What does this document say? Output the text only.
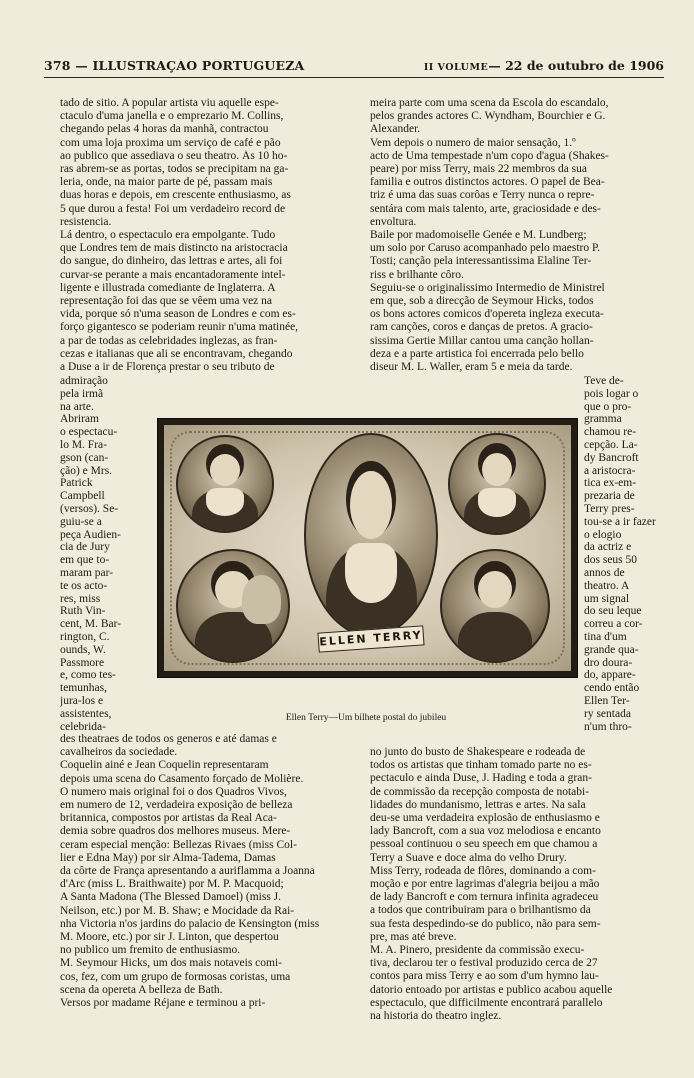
378 — ILLUSTRAÇAO PORTUGUEZA	II VOLUME— 22 de outubro de 1906
tado de sitio. A popular artista viu aquelle espe-
ctaculo d'uma janella e o emprezario M. Collins,
chegando pelas 4 horas da manhã, contractou
com uma loja proxima um serviço de café e pão
ao publico que assediava o seu theatro. Ás 10 ho-
ras abrem-se as portas, todos se precipitam na ga-
leria, onde, na maior parte de pé, passam mais
duas horas e depois, em crescente enthusiasmo, as
5 que durou a festa! Foi um verdadeiro record de
resistencia.
Lá dentro, o espectaculo era empolgante. Tudo
que Londres tem de mais distincto na aristocracia
do sangue, do dinheiro, das lettras e artes, ali foi
curvar-se perante a mais encantadoramente intel-
ligente e illustrada comediante de Inglaterra. A
representação foi das que se vêem uma vez na
vida, porque só n'uma season de Londres e com es-
forço gigantesco se poderiam reunir n'uma matinée,
a par de todas as celebridades inglezas, as fran-
cezas e italianas que ali se encontravam, chegando
a Duse a ir de Florença prestar o seu tributo de
admiração
pela irmã
na arte.
Abriram
o espectacu-
lo M. Fra-
gson (can-
ção) e Mrs.
Patrick
Campbell
(versos). Se-
guiu-se a
peça Audien-
cia de Jury
em que to-
maram par-
te os acto-
res, miss
Ruth Vin-
cent, M. Bar-
rington, C.
ounds, W.
Passmore
e, como tes-
temunhas,
jura-los e
assistentes,
celebrida-
des theatraes de todos os generos e até damas e
cavalheiros da sociedade.
Coquelin ainé e Jean Coquelin representaram
depois uma scena do Casamento forçado de Molière.
O numero mais original foi o dos Quadros Vivos,
em numero de 12, verdadeira exposição de belleza
britannica, compostos por artistas da Real Aca-
demia sobre quadros dos melhores museus. Mere-
ceram especial menção: Bellezas Rivaes (miss Col-
lier e Edna May) por sir Alma-Tadema, Damas
da côrte de França apresentando a auriflamma a Joanna
d'Arc (miss L. Braithwaite) por M. P. Macquoid;
A Santa Madona (The Blessed Damoel) (miss J.
Neilson, etc.) por M. B. Shaw; e Mocidade da Rai-
nha Victoria n'os jardins do palacio de Kensington (miss
M. Moore, etc.) por sir J. Linton, que despertou
no publico um fremito de enthusiasmo.
M. Seymour Hicks, um dos mais notaveis comi-
cos, fez, com um grupo de formosas coristas, uma
scena da opereta A belleza de Bath.
Versos por madame Réjane e terminou a pri-
meira parte com uma scena da Escola do escandalo,
pelos grandes actores C. Wyndham, Bourchier e G.
Alexander.
Vem depois o numero de maior sensação, 1.º
acto de Uma tempestade n'um copo d'agua (Shakes-
peare) por miss Terry, mais 22 membros da sua
familia e outros distinctos actores. O papel de Bea-
triz é uma das suas corôas e Terry nunca o repre-
sentára com mais talento, arte, graciosidade e des-
envoltura.
Baile por madomoiselle Genée e M. Lundberg;
um solo por Caruso acompanhado pelo maestro P.
Tosti; canção pela interessantissima Elaline Ter-
riss e brilhante côro.
Seguiu-se o originalissimo Intermedio de Ministrel
em que, sob a direcção de Seymour Hicks, todos
os bons actores comicos d'opereta ingleza executa-
ram canções, coros e danças de pretos. A gracio-
sissima Gertie Millar cantou uma canção hollan-
deza e a parte artistica foi encerrada pelo bello
diseur M. L. Waller, eram 5 e meia da tarde.
Teve de-
pois logar o
que o pro-
gramma
chamou re-
cepção. La-
dy Bancroft
a aristocra-
tica ex-em-
prezaria de
Terry pres-
tou-se a ir fazer
o elogio
da actriz e
dos seus 50
annos de
theatro. A
um signal
do seu leque
correu a cor-
tina d'um
grande qua-
dro doura-
do, appare-
cendo então
Ellen Ter-
ry sentada
n'um thro-
no junto do busto de Shakespeare e rodeada de
todos os artistas que tinham tomado parte no es-
pectaculo e ainda Duse, J. Hading e toda a gran-
de commissão da recepção composta de notabi-
lidades do mundanismo, lettras e artes. Na sala
deu-se uma verdadeira explosão de enthusiasmo e
lady Bancroft, com a sua voz melodiosa e encanto
pessoal continuou o seu speech em que chamou a
Terry a Suave e doce alma do velho Drury.
Miss Terry, rodeada de flôres, dominando a com-
moção e por entre lagrimas d'alegria beijou a mão
de lady Bancroft e com ternura infinita agradeceu
a todos que contribuiram para o brilhantismo da
sua festa despedindo-se do publico, não para sem-
pre, mas até breve.
M. A. Pinero, presidente da commissão execu-
tiva, declarou ter o festival produzido cerca de 27
contos para miss Terry e ao som d'um hymno lau-
datorio entoado por artistas e publico acabou aquelle
espectaculo, que difficilmente encontrará parallelo
na historia do theatro inglez.
ELLEN TERRY
Ellen Terry—Um bilhete postal do jubileu
